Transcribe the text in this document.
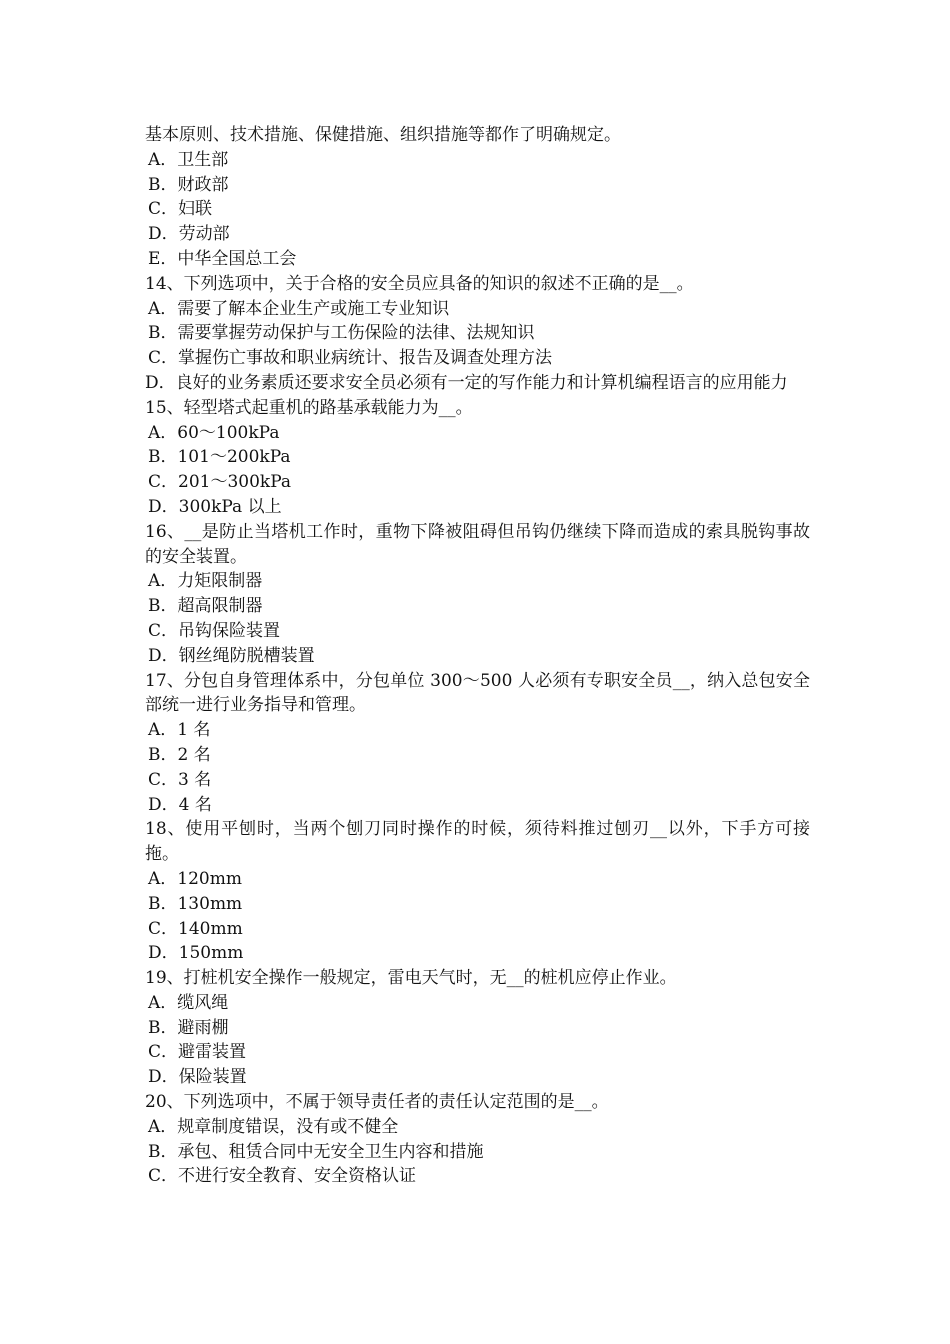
基本原则、技术措施、保健措施、组织措施等都作了明确规定。
A．卫生部
B．财政部
C．妇联
D．劳动部
E．中华全国总工会
14、下列选项中，关于合格的安全员应具备的知识的叙述不正确的是__。
A．需要了解本企业生产或施工专业知识
B．需要掌握劳动保护与工伤保险的法律、法规知识
C．掌握伤亡事故和职业病统计、报告及调查处理方法
D．良好的业务素质还要求安全员必须有一定的写作能力和计算机编程语言的应用能力
15、轻型塔式起重机的路基承载能力为__。
A．60～100kPa
B．101～200kPa
C．201～300kPa
D．300kPa 以上
16、__是防止当塔机工作时，重物下降被阻碍但吊钩仍继续下降而造成的索具脱钩事故的安全装置。
A．力矩限制器
B．超高限制器
C．吊钩保险装置
D．钢丝绳防脱槽装置
17、分包自身管理体系中，分包单位 300～500 人必须有专职安全员__，纳入总包安全部统一进行业务指导和管理。
A．1 名
B．2 名
C．3 名
D．4 名
18、使用平刨时，当两个刨刀同时操作的时候，须待料推过刨刃__以外，下手方可接拖。
A．120mm
B．130mm
C．140mm
D．150mm
19、打桩机安全操作一般规定，雷电天气时，无__的桩机应停止作业。
A．缆风绳
B．避雨棚
C．避雷装置
D．保险装置
20、下列选项中，不属于领导责任者的责任认定范围的是__。
A．规章制度错误，没有或不健全
B．承包、租赁合同中无安全卫生内容和措施
C．不进行安全教育、安全资格认证
